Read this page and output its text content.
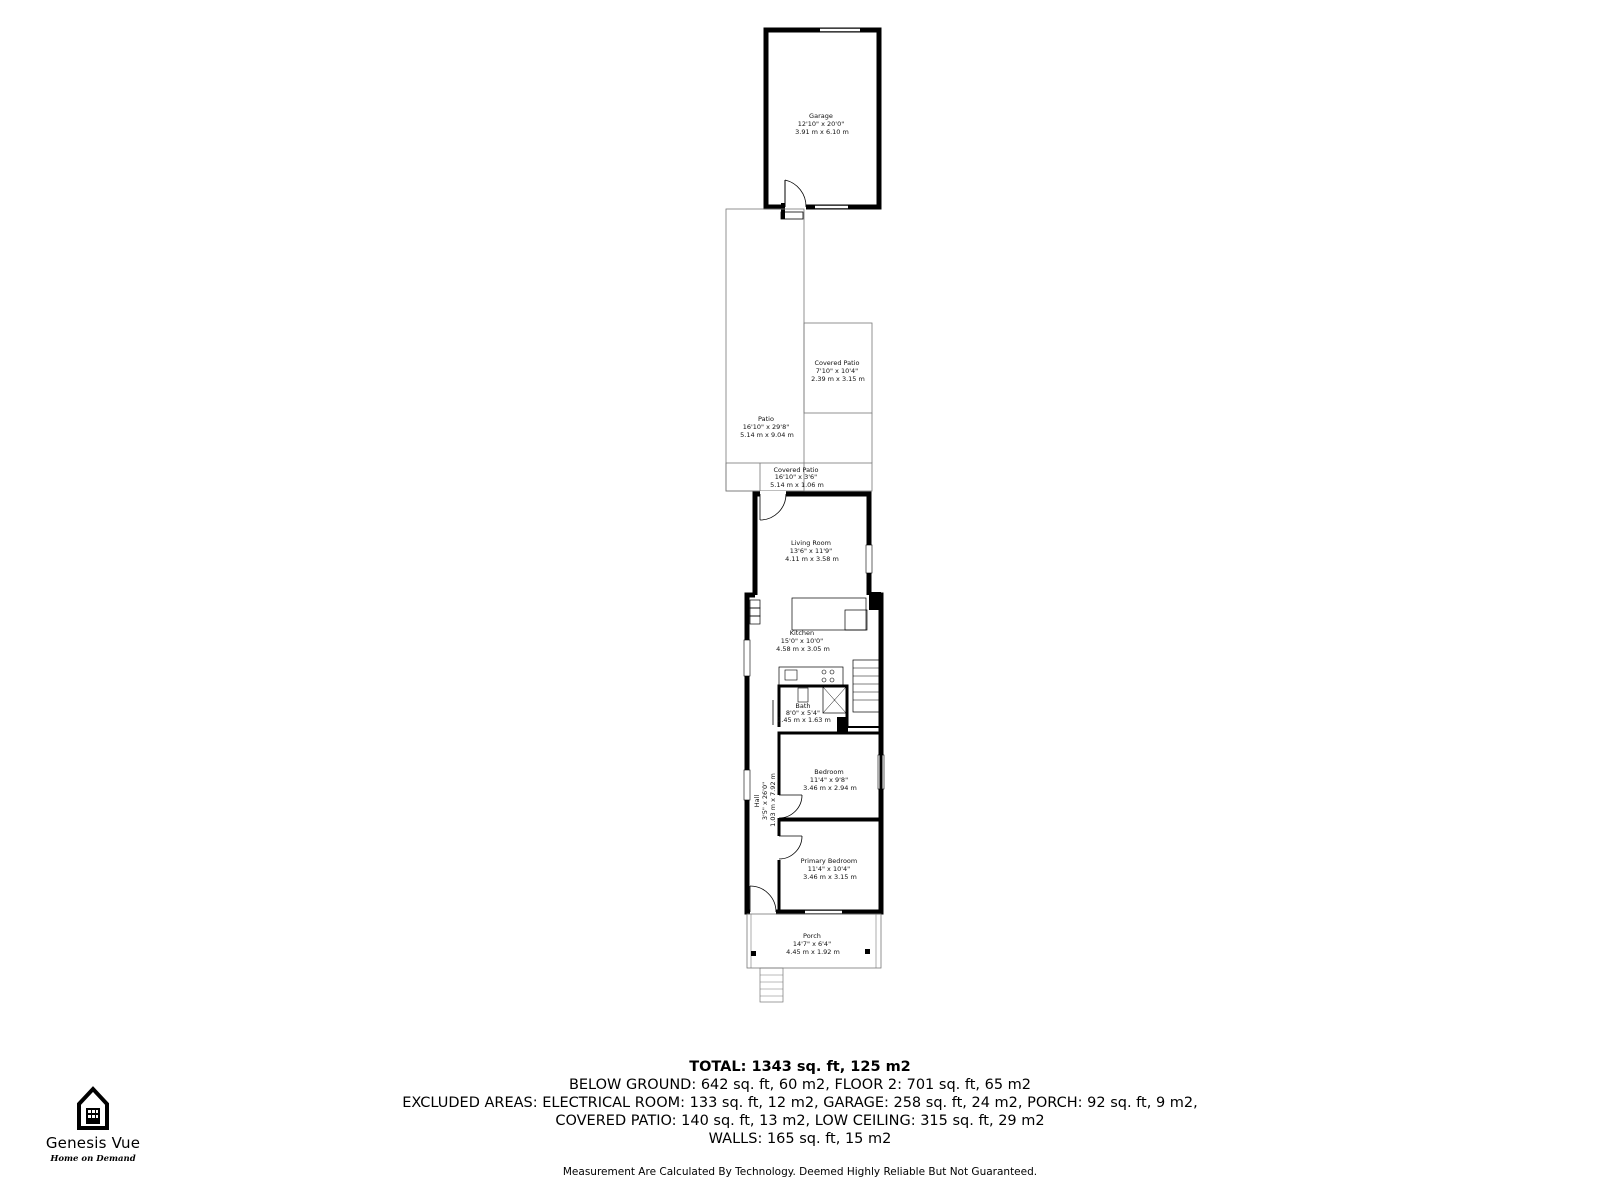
Garage 12'10" x 20'0" 3.91 m x 6.10 m
Covered Patio 7'10" x 10'4" 2.39 m x 3.15 m
Patio 16'10" x 29'8" 5.14 m x 9.04 m
Covered Patio 16'10" x 3'6" 5.14 m x 1.06 m
Living Room 13'6" x 11'9" 4.11 m x 3.58 m
Kitchen 15'0" x 10'0" 4.58 m x 3.05 m
Bath 8'0" x 5'4" 2.45 m x 1.63 m
Bedroom 11'4" x 9'8" 3.46 m x 2.94 m
Hall 3'5" x 26'0" 1.03 m x 7.92 m
Primary Bedroom 11'4" x 10'4" 3.46 m x 3.15 m
Porch 14'7" x 6'4" 4.45 m x 1.92 m
TOTAL: 1343 sq. ft, 125 m2
BELOW GROUND: 642 sq. ft, 60 m2, FLOOR 2: 701 sq. ft, 65 m2
EXCLUDED AREAS: ELECTRICAL ROOM: 133 sq. ft, 12 m2, GARAGE: 258 sq. ft, 24 m2, PORCH: 92 sq. ft, 9 m2,
COVERED PATIO: 140 sq. ft, 13 m2, LOW CEILING: 315 sq. ft, 29 m2
WALLS: 165 sq. ft, 15 m2
Measurement Are Calculated By Technology. Deemed Highly Reliable But Not Guaranteed.
Genesis Vue
Home on Demand
